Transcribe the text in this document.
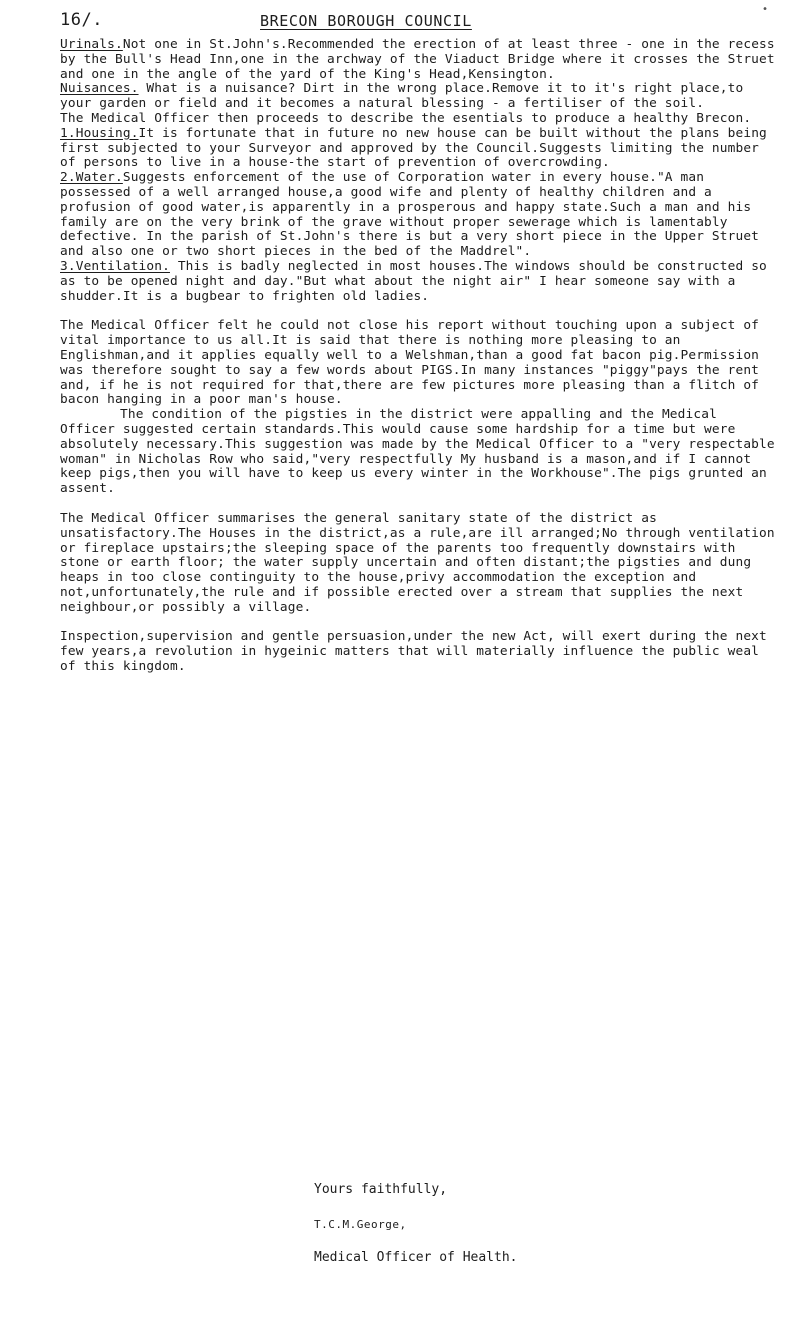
16/.	BRECON BOROUGH COUNCIL
•

Urinals.Not one in St.John's.Recommended the erection of at least three - one in the recess by the Bull's Head Inn,one in the archway of the Viaduct Bridge where it crosses the Struet and one in the angle of the yard of the King's Head,Kensington.

Nuisances. What is a nuisance? Dirt in the wrong place.Remove it to it's right place,to your garden or field and it becomes a natural blessing - a fertiliser of the soil.

The Medical Officer then proceeds to describe the esentials to produce a healthy Brecon.

1.Housing.It is fortunate that in future no new house can be built without the plans being first subjected to your Surveyor and approved by the Council.Suggests limiting the number of persons to live in a house-the start of prevention of overcrowding.

2.Water.Suggests enforcement of the use of Corporation water in every house."A man possessed of a well arranged house,a good wife and plenty of healthy children and a profusion of good water,is apparently in a prosperous and happy state.Such a man and his family are on the very brink of the grave without proper sewerage which is lamentably defective. In the parish of St.John's there is but a very short piece in the Upper Struet and also one or two short pieces in the bed of the Maddrel".

3.Ventilation. This is badly neglected in most houses.The windows should be constructed so as to be opened night and day."But what about the night air" I hear someone say with a shudder.It is a bugbear to frighten old ladies.

The Medical Officer felt he could not close his report without touching upon a subject of vital importance to us all.It is said that there is nothing more pleasing to an Englishman,and it applies equally well to a Welshman,than a good fat bacon pig.Permission was therefore sought to say a few words about PIGS.In many instances "piggy"pays the rent and, if he is not required for that,there are few pictures more pleasing than a flitch of bacon hanging in a poor man's house.

The condition of the pigsties in the district were appalling and the Medical Officer suggested certain standards.This would cause some hardship for a time but were absolutely necessary.This suggestion was made by the Medical Officer to a "very respectable woman" in Nicholas Row who said,"very respectfully My husband is a mason,and if I cannot keep pigs,then you will have to keep us every winter in the Workhouse".The pigs grunted an assent.

The Medical Officer summarises the general sanitary state of the district as unsatisfactory.The Houses in the district,as a rule,are ill arranged;No through ventilation or fireplace upstairs;the sleeping space of the parents too frequently downstairs with stone or earth floor; the water supply uncertain and often distant;the pigsties and dung heaps in too close continguity to the house,privy accommodation the exception and not,unfortunately,the rule and if possible erected over a stream that supplies the next neighbour,or possibly a village.

Inspection,supervision and gentle persuasion,under the new Act, will exert during the next few years,a revolution in hygeinic matters that will materially influence the public weal of this kingdom.

Yours faithfully,
T.C.M.George,
Medical Officer of Health.
